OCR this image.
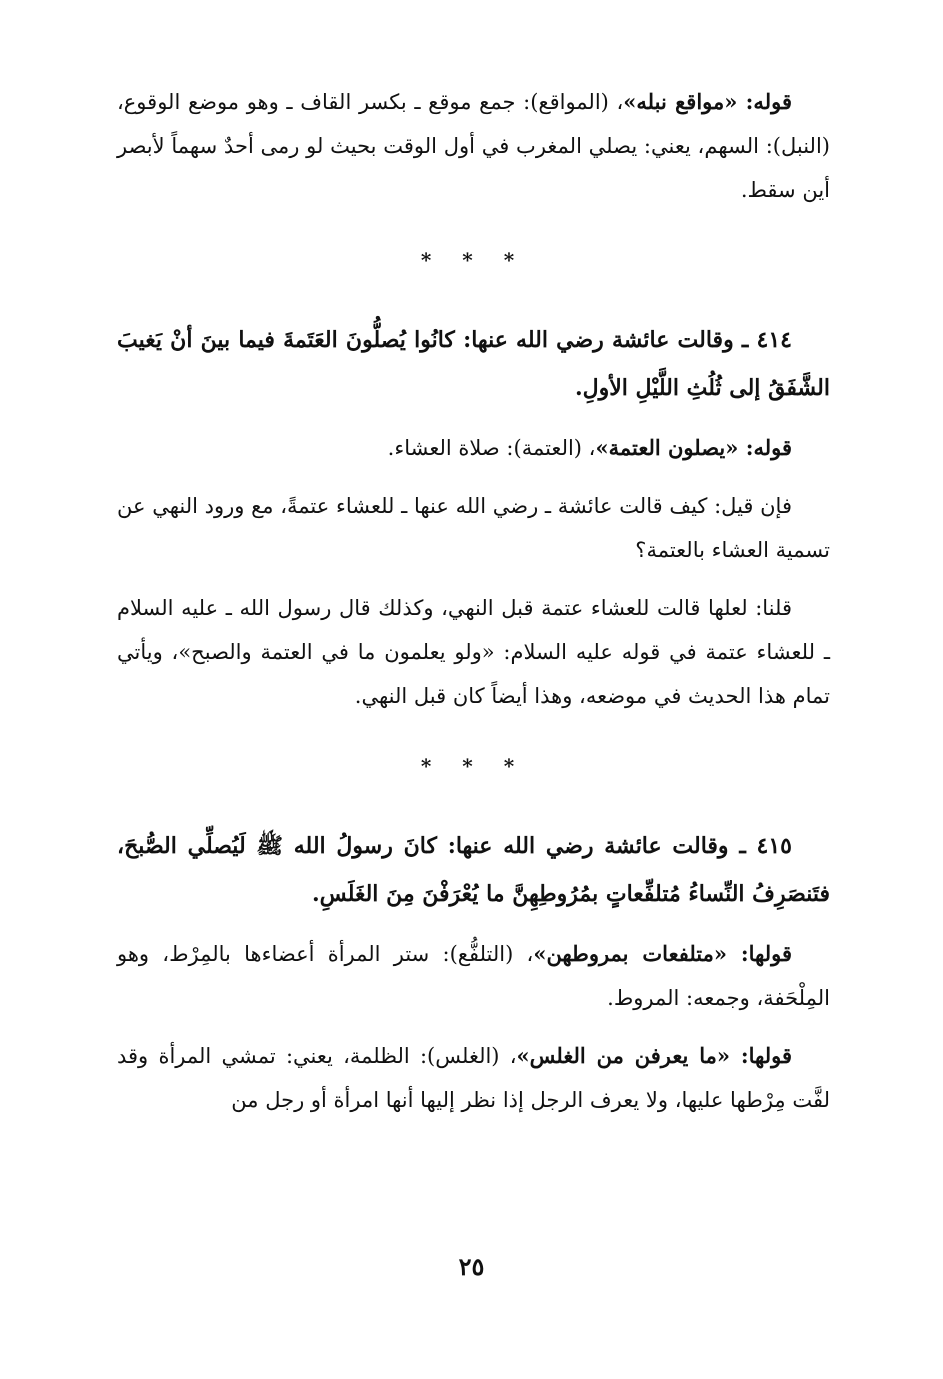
قوله: «مواقع نبله»، (المواقع): جمع موقع ـ بكسر القاف ـ وهو موضع الوقوع، (النبل): السهم، يعني: يصلي المغرب في أول الوقت بحيث لو رمى أحدٌ سهماً لأبصر أين سقط.

* * *

٤١٤ ـ وقالت عائشة رضي الله عنها: كانُوا يُصلُّونَ العَتَمةَ فيما بينَ أنْ يَغيبَ الشَّفَقُ إلى ثُلُثِ اللَّيْلِ الأولِ.

قوله: «يصلون العتمة»، (العتمة): صلاة العشاء.

فإن قيل: كيف قالت عائشة ـ رضي الله عنها ـ للعشاء عتمةً، مع ورود النهي عن تسمية العشاء بالعتمة؟

قلنا: لعلها قالت للعشاء عتمة قبل النهي، وكذلك قال رسول الله ـ عليه السلام ـ للعشاء عتمة في قوله عليه السلام: «ولو يعلمون ما في العتمة والصبح»، ويأتي تمام هذا الحديث في موضعه، وهذا أيضاً كان قبل النهي.

* * *

٤١٥ ـ وقالت عائشة رضي الله عنها: كانَ رسولُ الله ﷺ لَيُصلِّي الصُّبحَ، فتَنصَرِفُ النِّساءُ مُتلفِّعاتٍ بمُرُوطِهِنَّ ما يُعْرَفْنَ مِنَ الغَلَسِ.

قولها: «متلفعات بمروطهن»، (التلفُّع): ستر المرأة أعضاءها بالمِرْط، وهو المِلْحَفة، وجمعه: المروط.

قولها: «ما يعرفن من الغلس»، (الغلس): الظلمة، يعني: تمشي المرأة وقد لفَّت مِرْطها عليها، ولا يعرف الرجل إذا نظر إليها أنها امرأة أو رجل من

٢٥
